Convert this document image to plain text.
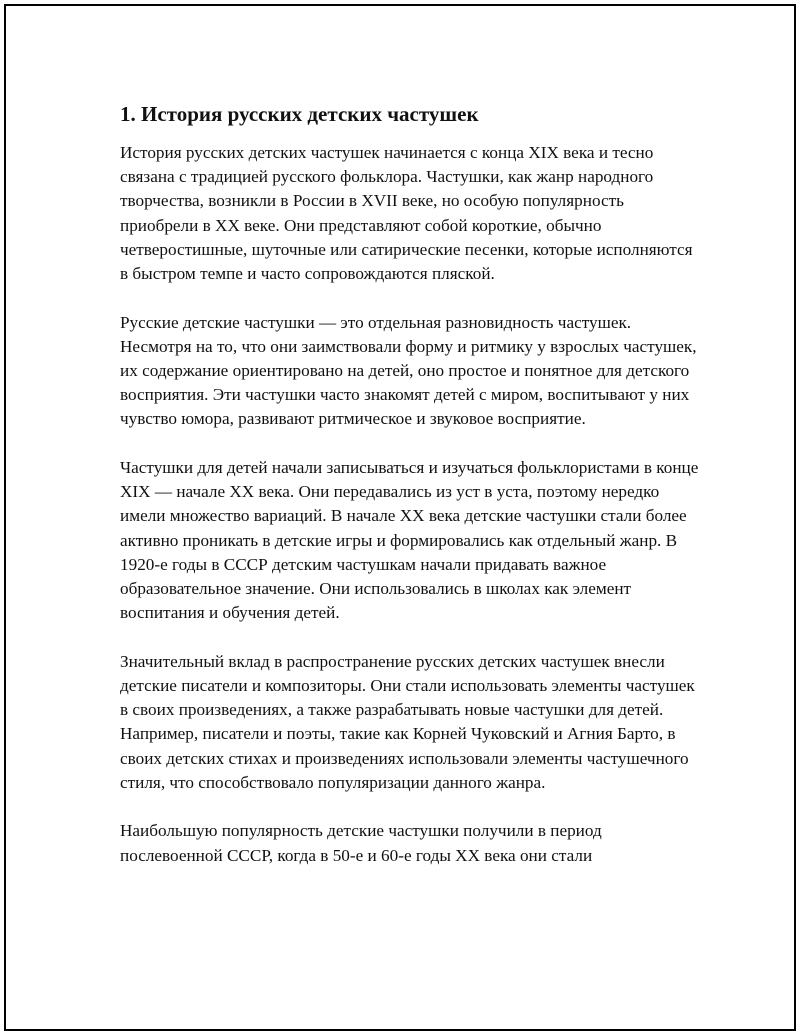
1. История русских детских частушек

История русских детских частушек начинается с конца XIX века и тесно связана с традицией русского фольклора. Частушки, как жанр народного творчества, возникли в России в XVII веке, но особую популярность приобрели в XX веке. Они представляют собой короткие, обычно четверостишные, шуточные или сатирические песенки, которые исполняются в быстром темпе и часто сопровождаются пляской.

Русские детские частушки — это отдельная разновидность частушек. Несмотря на то, что они заимствовали форму и ритмику у взрослых частушек, их содержание ориентировано на детей, оно простое и понятное для детского восприятия. Эти частушки часто знакомят детей с миром, воспитывают у них чувство юмора, развивают ритмическое и звуковое восприятие.

Частушки для детей начали записываться и изучаться фольклористами в конце XIX — начале XX века. Они передавались из уст в уста, поэтому нередко имели множество вариаций. В начале XX века детские частушки стали более активно проникать в детские игры и формировались как отдельный жанр. В 1920-е годы в СССР детским частушкам начали придавать важное образовательное значение. Они использовались в школах как элемент воспитания и обучения детей.

Значительный вклад в распространение русских детских частушек внесли детские писатели и композиторы. Они стали использовать элементы частушек в своих произведениях, а также разрабатывать новые частушки для детей. Например, писатели и поэты, такие как Корней Чуковский и Агния Барто, в своих детских стихах и произведениях использовали элементы частушечного стиля, что способствовало популяризации данного жанра.

Наибольшую популярность детские частушки получили в период послевоенной СССР, когда в 50-е и 60-е годы XX века они стали
